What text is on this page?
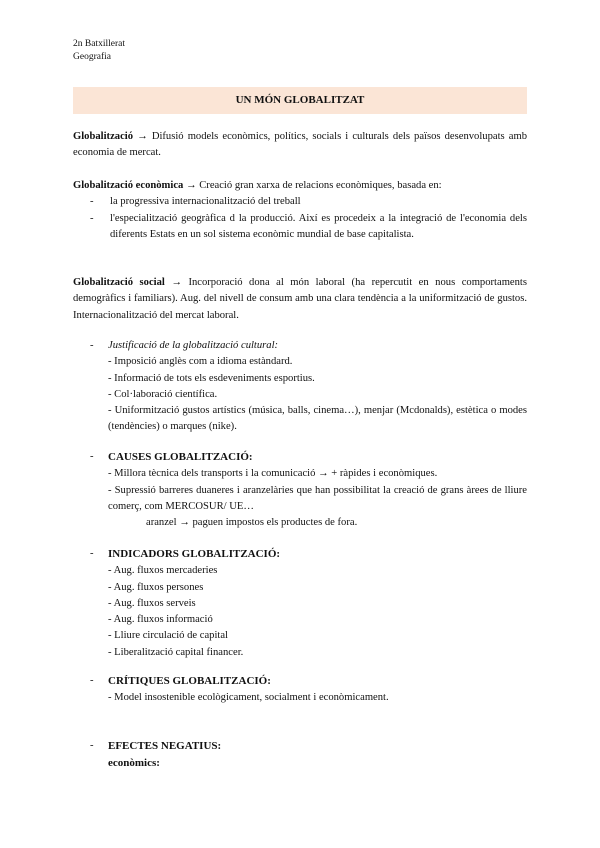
2n Batxillerat
Geografia
UN MÓN GLOBALITZAT
Globalització → Difusió models econòmics, polítics, socials i culturals dels països desenvolupats amb economia de mercat.
Globalització econòmica → Creació gran xarxa de relacions econòmiques, basada en:
-	la progressiva internacionalització del treball
-	l'especialització geogràfica d la producció. Així es procedeix a la integració de l'economia dels diferents Estats en un sol sistema econòmic mundial de base capitalista.
Globalització social → Incorporació dona al món laboral (ha repercutit en nous comportaments demogràfics i familiars). Aug. del nivell de consum amb una clara tendència a la uniformització de gustos. Internacionalització del mercat laboral.
- Justificació de la globalització cultural:
- Imposició anglès com a idioma estàndard.
- Informació de tots els esdeveniments esportius.
- Col·laboració científica.
- Uniformització gustos artístics (música, balls, cinema…), menjar (Mcdonalds), estètica o modes (tendències) o marques (nike).
- CAUSES GLOBALITZACIÓ:
- Millora tècnica dels transports i la comunicació → + ràpides i econòmiques.
- Supressió barreres duaneres i aranzelàries que han possibilitat la creació de grans àrees de lliure comerç, com MERCOSUR/ UE…
aranzel → paguen impostos els productes de fora.
- INDICADORS GLOBALITZACIÓ:
- Aug. fluxos mercaderies
- Aug. fluxos persones
- Aug. fluxos serveis
- Aug. fluxos informació
- Lliure circulació de capital
- Liberalització capital financer.
- CRÍTIQUES GLOBALITZACIÓ:
- Model insostenible ecològicament, socialment i econòmicament.
- EFECTES NEGATIUS:
econòmics:
